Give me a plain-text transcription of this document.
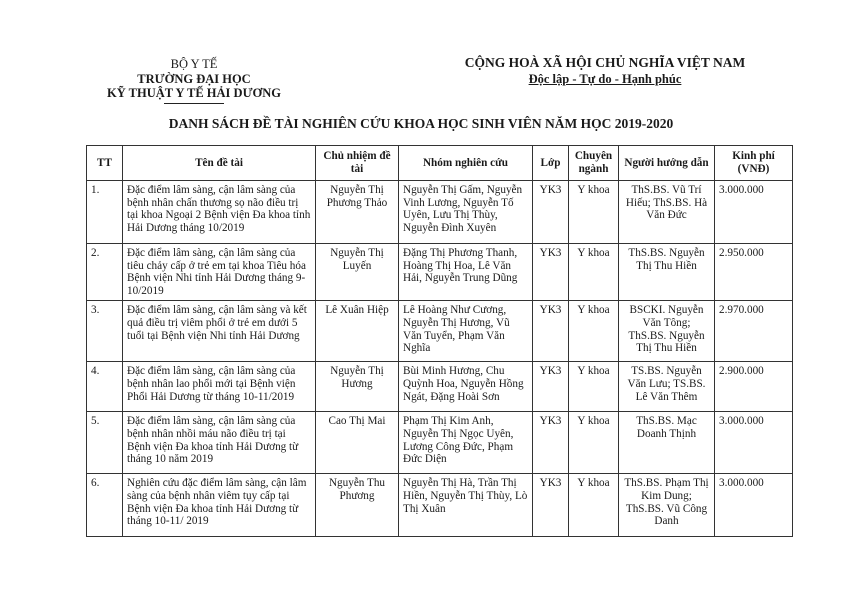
BỘ Y TẾ
TRƯỜNG ĐẠI HỌC
KỸ THUẬT Y TẾ HẢI DƯƠNG
CỘNG HOÀ XÃ HỘI CHỦ NGHĨA VIỆT NAM
Độc lập - Tự do - Hạnh phúc
DANH SÁCH ĐỀ TÀI NGHIÊN CỨU KHOA HỌC SINH VIÊN NĂM HỌC 2019-2020
TT	Tên đề tài	Chủ nhiệm đề tài	Nhóm nghiên cứu	Lớp	Chuyên ngành	Người hướng dẫn	Kinh phí (VNĐ)
1.	Đặc điểm lâm sàng, cận lâm sàng của bệnh nhân chấn thương sọ não điều trị tại khoa Ngoại 2 Bệnh viện Đa khoa tỉnh Hải Dương tháng 10/2019	Nguyễn Thị Phương Thảo	Nguyễn Thị Gấm, Nguyễn Vinh Lương, Nguyễn Tố Uyên, Lưu Thị Thùy, Nguyễn Đình Xuyên	YK3	Y khoa	ThS.BS. Vũ Trí Hiếu; ThS.BS. Hà Văn Đức	3.000.000
2.	Đặc điểm lâm sàng, cận lâm sàng của tiêu chảy cấp ở trẻ em tại khoa Tiêu hóa Bệnh viện Nhi tỉnh Hải Dương tháng 9-10/2019	Nguyễn Thị Luyến	Đặng Thị Phương Thanh, Hoàng Thị Hoa, Lê Văn Hải, Nguyễn Trung Dũng	YK3	Y khoa	ThS.BS. Nguyễn Thị Thu Hiền	2.950.000
3.	Đặc điểm lâm sàng, cận lâm sàng và kết quả điều trị viêm phổi ở trẻ em dưới 5 tuổi tại Bệnh viện Nhi tỉnh Hải Dương	Lê Xuân Hiệp	Lê Hoàng Như Cương, Nguyễn Thị Hương, Vũ Văn Tuyển, Phạm Văn Nghĩa	YK3	Y khoa	BSCKI. Nguyễn Văn Tông; ThS.BS. Nguyễn Thị Thu Hiền	2.970.000
4.	Đặc điểm lâm sàng, cận lâm sàng của bệnh nhân lao phổi mới tại Bệnh viện Phổi Hải Dương từ tháng 10-11/2019	Nguyễn Thị Hương	Bùi Minh Hương, Chu Quỳnh Hoa, Nguyễn Hồng Ngát, Đặng Hoài Sơn	YK3	Y khoa	TS.BS. Nguyễn Văn Lưu; TS.BS. Lê Văn Thêm	2.900.000
5.	Đặc điểm lâm sàng, cận lâm sàng của bệnh nhân nhồi máu não điều trị tại Bệnh viện Đa khoa tỉnh Hải Dương từ tháng 10 năm 2019	Cao Thị Mai	Phạm Thị Kim Anh, Nguyễn Thị Ngọc Uyên, Lương Công Đức, Phạm Đức Diện	YK3	Y khoa	ThS.BS. Mạc Doanh Thịnh	3.000.000
6.	Nghiên cứu đặc điểm lâm sàng, cận lâm sàng của bệnh nhân viêm tụy cấp tại Bệnh viện Đa khoa tỉnh Hải Dương từ tháng 10-11/ 2019	Nguyễn Thu Phương	Nguyễn Thị Hà, Trần Thị Hiền, Nguyễn Thị Thùy, Lò Thị Xuân	YK3	Y khoa	ThS.BS. Phạm Thị Kim Dung; ThS.BS. Vũ Công Danh	3.000.000
